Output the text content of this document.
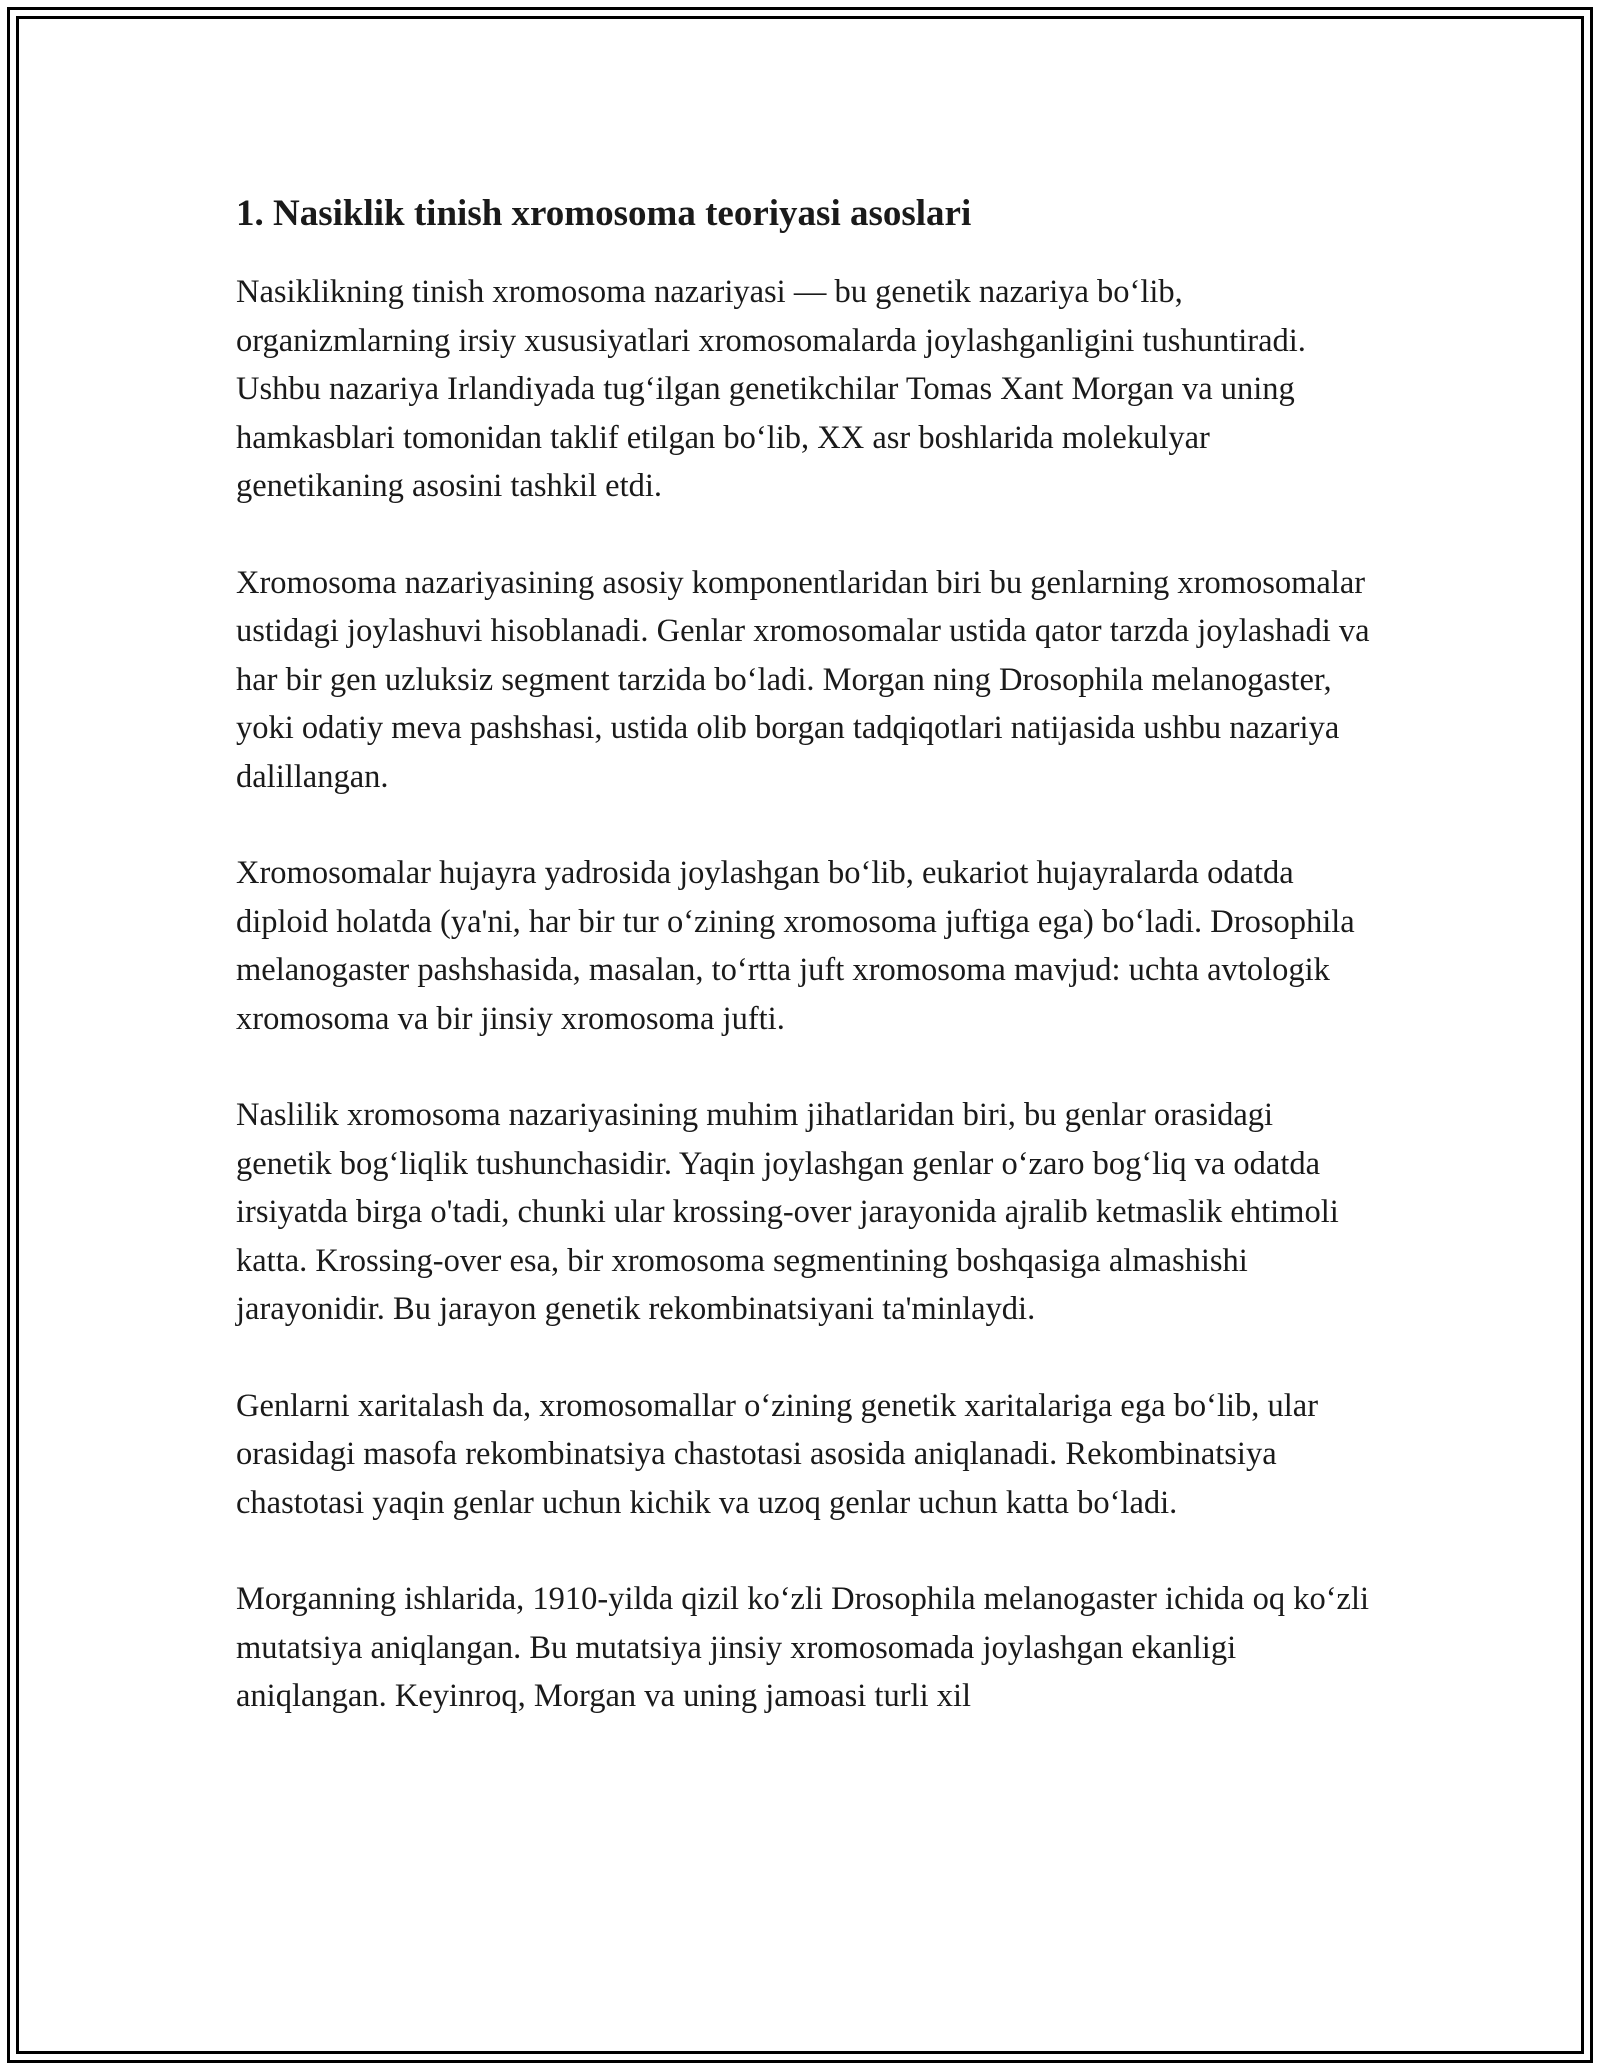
1. Nasiklik tinish xromosoma teoriyasi asoslari

Nasiklikning tinish xromosoma nazariyasi — bu genetik nazariya bo‘lib, organizmlarning irsiy xususiyatlari xromosomalarda joylashganligini tushuntiradi. Ushbu nazariya Irlandiyada tug‘ilgan genetikchilar Tomas Xant Morgan va uning hamkasblari tomonidan taklif etilgan bo‘lib, XX asr boshlarida molekulyar genetikaning asosini tashkil etdi.

Xromosoma nazariyasining asosiy komponentlaridan biri bu genlarning xromosomalar ustidagi joylashuvi hisoblanadi. Genlar xromosomalar ustida qator tarzda joylashadi va har bir gen uzluksiz segment tarzida bo‘ladi. Morgan ning Drosophila melanogaster, yoki odatiy meva pashshasi, ustida olib borgan tadqiqotlari natijasida ushbu nazariya dalillangan.

Xromosomalar hujayra yadrosida joylashgan bo‘lib, eukariot hujayralarda odatda diploid holatda (ya'ni, har bir tur o‘zining xromosoma juftiga ega) bo‘ladi. Drosophila melanogaster pashshasida, masalan, to‘rtta juft xromosoma mavjud: uchta avtologik xromosoma va bir jinsiy xromosoma jufti.

Naslilik xromosoma nazariyasining muhim jihatlaridan biri, bu genlar orasidagi genetik bog‘liqlik tushunchasidir. Yaqin joylashgan genlar o‘zaro bog‘liq va odatda irsiyatda birga o'tadi, chunki ular krossing-over jarayonida ajralib ketmaslik ehtimoli katta. Krossing-over esa, bir xromosoma segmentining boshqasiga almashishi jarayonidir. Bu jarayon genetik rekombinatsiyani ta'minlaydi.

Genlarni xaritalash da, xromosomallar o‘zining genetik xaritalariga ega bo‘lib, ular orasidagi masofa rekombinatsiya chastotasi asosida aniqlanadi. Rekombinatsiya chastotasi yaqin genlar uchun kichik va uzoq genlar uchun katta bo‘ladi.

Morganning ishlarida, 1910-yilda qizil ko‘zli Drosophila melanogaster ichida oq ko‘zli mutatsiya aniqlangan. Bu mutatsiya jinsiy xromosomada joylashgan ekanligi aniqlangan. Keyinroq, Morgan va uning jamoasi turli xil
